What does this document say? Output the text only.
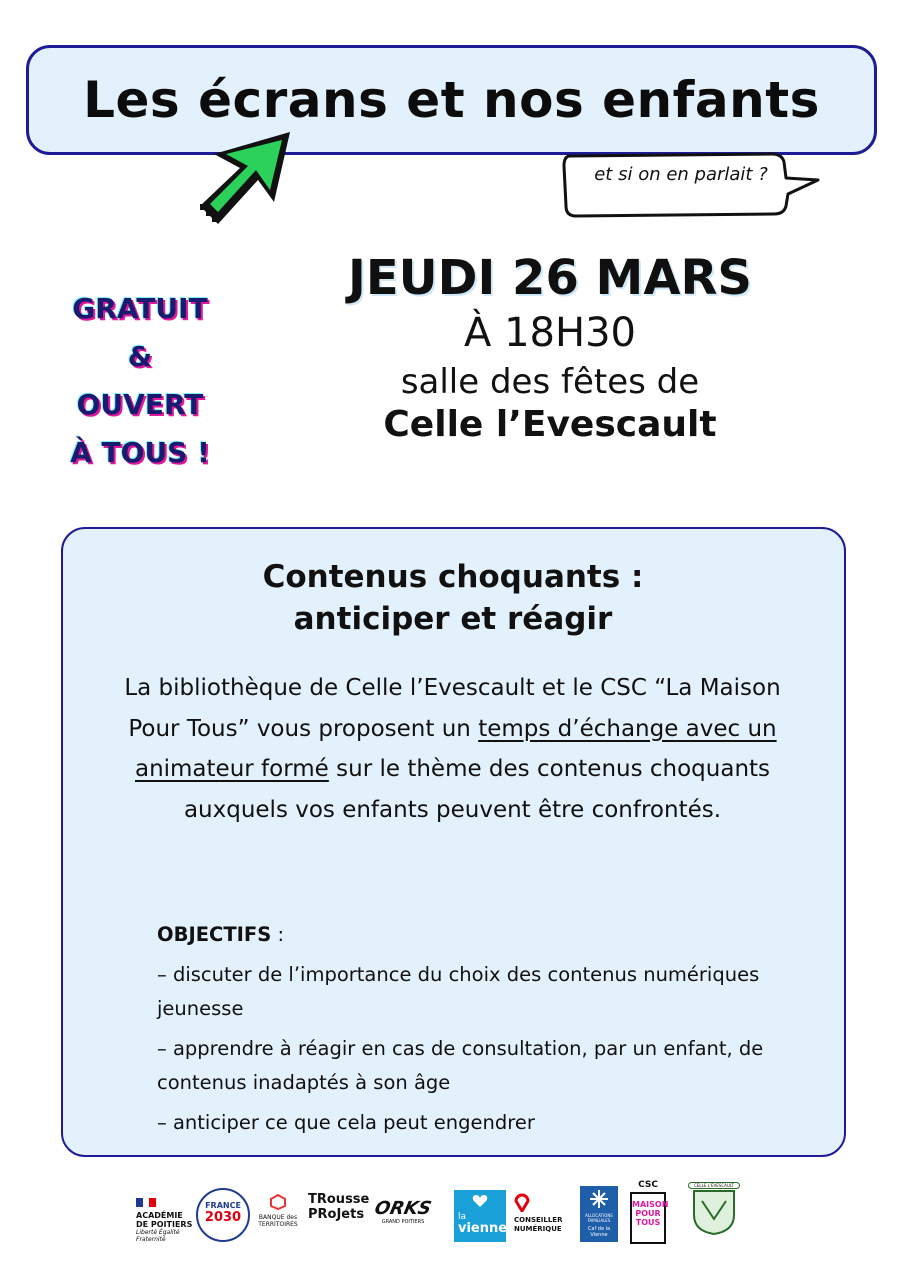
Les écrans et nos enfants
et si on en parlait ?
GRATUIT
&
OUVERT
À TOUS !
JEUDI 26 MARS
À 18H30
salle des fêtes de
Celle l’Evescault
Contenus choquants :
anticiper et réagir
La bibliothèque de Celle l’Evescault et le CSC “La Maison Pour Tous” vous proposent un temps d’échange avec un animateur formé sur le thème des contenus choquants auxquels vos enfants peuvent être confrontés.
OBJECTIFS :
– discuter de l’importance du choix des contenus numériques jeunesse
– apprendre à réagir en cas de consultation, par un enfant, de contenus inadaptés à son âge
– anticiper ce que cela peut engendrer
ACADÉMIE DE POITIERS
Liberté Égalité Fraternité
FRANCE
2030	BANQUE des TERRITOIRES
TRousse
PRoJets ORKS
GRAND POITIERS	la
vienne
CONSEILLER NUMÉRIQUE
ALLOCATIONS FAMILIALES
Caf de la Vienne
CSC
MAISON POUR TOUS
CELLE L'EVESCAULT
